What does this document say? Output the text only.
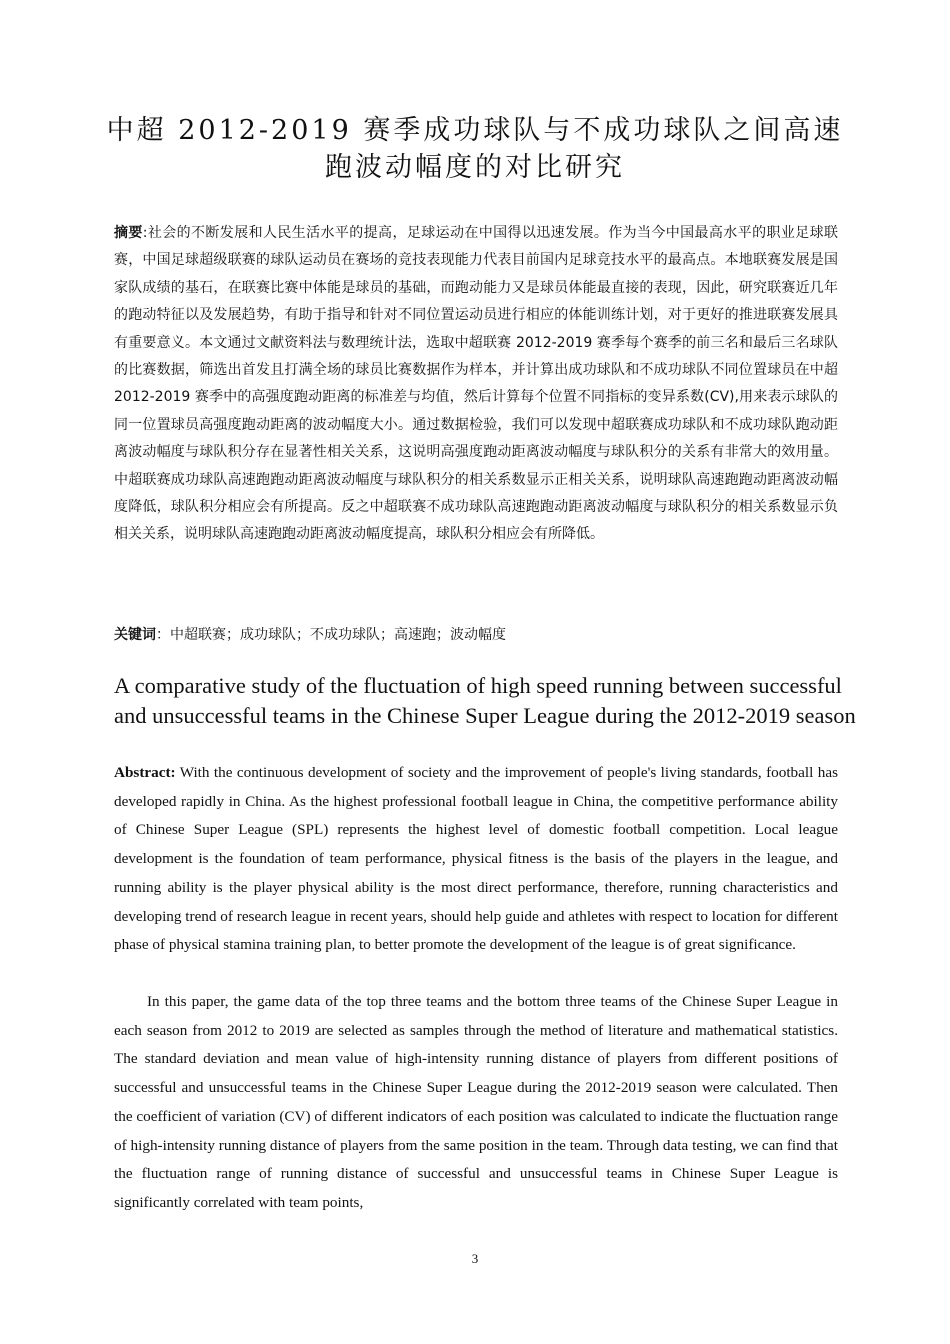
中超 2012-2019 赛季成功球队与不成功球队之间高速跑波动幅度的对比研究
摘要:社会的不断发展和人民生活水平的提高，足球运动在中国得以迅速发展。作为当今中国最高水平的职业足球联赛，中国足球超级联赛的球队运动员在赛场的竞技表现能力代表目前国内足球竞技水平的最高点。本地联赛发展是国家队成绩的基石，在联赛比赛中体能是球员的基础，而跑动能力又是球员体能最直接的表现，因此，研究联赛近几年的跑动特征以及发展趋势，有助于指导和针对不同位置运动员进行相应的体能训练计划，对于更好的推进联赛发展具有重要意义。本文通过文献资料法与数理统计法，选取中超联赛 2012-2019 赛季每个赛季的前三名和最后三名球队的比赛数据，筛选出首发且打满全场的球员比赛数据作为样本，并计算出成功球队和不成功球队不同位置球员在中超 2012-2019 赛季中的高强度跑动距离的标准差与均值，然后计算每个位置不同指标的变异系数(CV),用来表示球队的同一位置球员高强度跑动距离的波动幅度大小。通过数据检验，我们可以发现中超联赛成功球队和不成功球队跑动距离波动幅度与球队积分存在显著性相关关系，这说明高强度跑动距离波动幅度与球队积分的关系有非常大的效用量。中超联赛成功球队高速跑跑动距离波动幅度与球队积分的相关系数显示正相关关系，说明球队高速跑跑动距离波动幅度降低，球队积分相应会有所提高。反之中超联赛不成功球队高速跑跑动距离波动幅度与球队积分的相关系数显示负相关关系，说明球队高速跑跑动距离波动幅度提高，球队积分相应会有所降低。
关键词：中超联赛；成功球队；不成功球队；高速跑；波动幅度
A comparative study of the fluctuation of high speed running between successful
and unsuccessful teams in the Chinese Super League during the 2012-2019 season
Abstract: With the continuous development of society and the improvement of people's living standards, football has developed rapidly in China. As the highest professional football league in China, the competitive performance ability of Chinese Super League (SPL) represents the highest level of domestic football competition. Local league development is the foundation of team performance, physical fitness is the basis of the players in the league, and running ability is the player physical ability is the most direct performance, therefore, running characteristics and developing trend of research league in recent years, should help guide and athletes with respect to location for different phase of physical stamina training plan, to better promote the development of the league is of great significance.
In this paper, the game data of the top three teams and the bottom three teams of the Chinese Super League in each season from 2012 to 2019 are selected as samples through the method of literature and mathematical statistics. The standard deviation and mean value of high-intensity running distance of players from different positions of successful and unsuccessful teams in the Chinese Super League during the 2012-2019 season were calculated. Then the coefficient of variation (CV) of different indicators of each position was calculated to indicate the fluctuation range of high-intensity running distance of players from the same position in the team. Through data testing, we can find that the fluctuation range of running distance of successful and unsuccessful teams in Chinese Super League is significantly correlated with team points,
3
